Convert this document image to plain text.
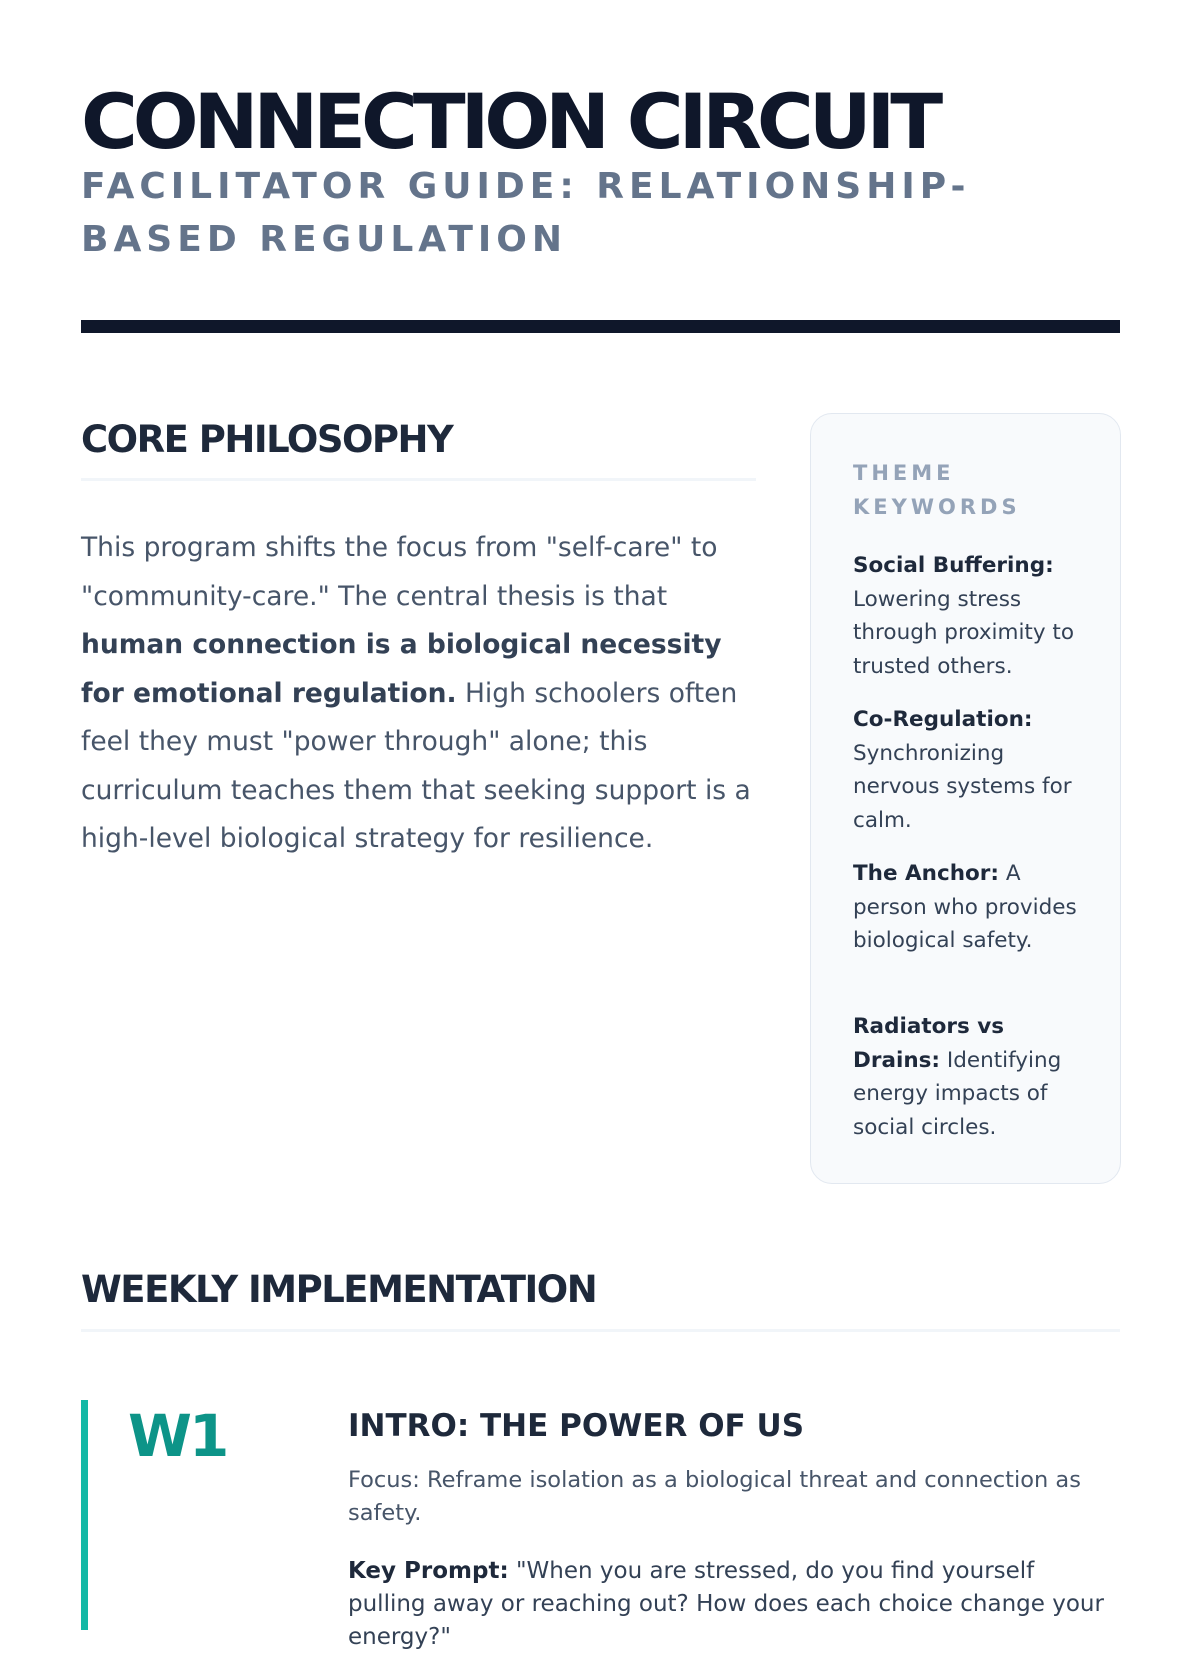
CONNECTION CIRCUIT
FACILITATOR GUIDE: RELATIONSHIP-BASED REGULATION
CORE PHILOSOPHY

This program shifts the focus from "self-care" to "community-care." The central thesis is that human connection is a biological necessity for emotional regulation. High schoolers often feel they must "power through" alone; this curriculum teaches them that seeking support is a high-level biological strategy for resilience.

THEME KEYWORDS

Social Buffering: Lowering stress through proximity to trusted others.

Co-Regulation: Synchronizing nervous systems for calm.

The Anchor: A person who provides biological safety.

Radiators vs Drains: Identifying energy impacts of social circles.

WEEKLY IMPLEMENTATION
W1	INTRO: THE POWER OF US

Focus: Reframe isolation as a biological threat and connection as safety.

Key Prompt: "When you are stressed, do you find yourself pulling away or reaching out? How does each choice change your energy?"
